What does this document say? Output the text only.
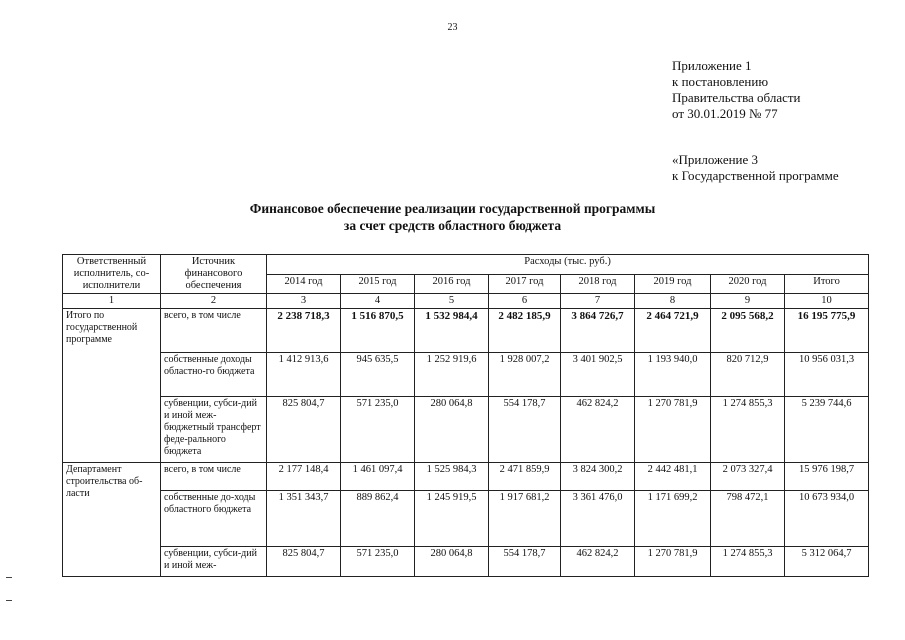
23
Приложение 1
к постановлению
Правительства области
от 30.01.2019 № 77
«Приложение 3
к Государственной программе
Финансовое обеспечение реализации государственной программы
за счет средств областного бюджета
Ответственный исполнитель, со-исполнители	Источник финансового обеспечения	Расходы (тыс. руб.)							
		2014 год	2015 год	2016 год	2017 год	2018 год	2019 год	2020 год	Итого
1	2	3	4	5	6	7	8	9	10
Итого по государственной программе	всего, в том числе	2 238 718,3	1 516 870,5	1 532 984,4	2 482 185,9	3 864 726,7	2 464 721,9	2 095 568,2	16 195 775,9
	собственные доходы областно-го бюджета	1 412 913,6	945 635,5	1 252 919,6	1 928 007,2	3 401 902,5	1 193 940,0	820 712,9	10 956 031,3
	субвенции, субси-дий и иной меж-бюджетный трансферт феде-рального бюджета	825 804,7	571 235,0	280 064,8	554 178,7	462 824,2	1 270 781,9	1 274 855,3	5 239 744,6
Департамент строительства об-ласти	всего, в том числе	2 177 148,4	1 461 097,4	1 525 984,3	2 471 859,9	3 824 300,2	2 442 481,1	2 073 327,4	15 976 198,7
	собственные до-ходы областного бюджета	1 351 343,7	889 862,4	1 245 919,5	1 917 681,2	3 361 476,0	1 171 699,2	798 472,1	10 673 934,0
	субвенции, субси-дий и иной меж-	825 804,7	571 235,0	280 064,8	554 178,7	462 824,2	1 270 781,9	1 274 855,3	5 312 064,7
